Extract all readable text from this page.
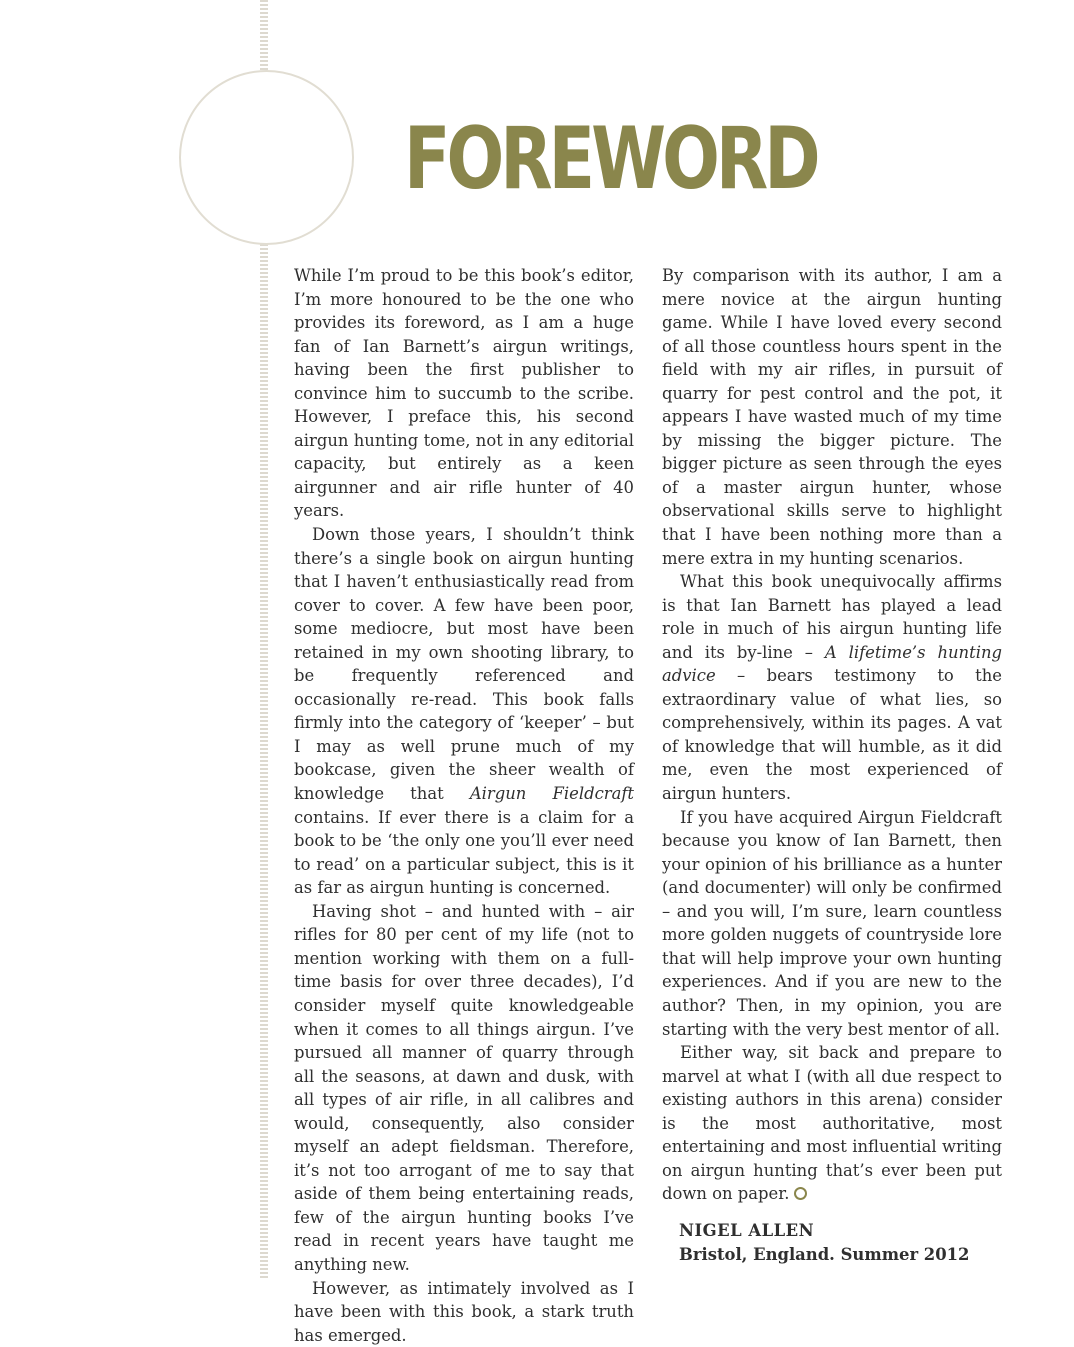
FOREWORD

While I’m proud to be this book’s editor, I’m more honoured to be the one who provides its foreword, as I am a huge fan of Ian Barnett’s airgun writings, having been the first publisher to convince him to succumb to the scribe. However, I preface this, his second airgun hunting tome, not in any editorial capacity, but entirely as a keen airgunner and air rifle hunter of 40 years.

Down those years, I shouldn’t think there’s a single book on airgun hunting that I haven’t enthusiastically read from cover to cover. A few have been poor, some mediocre, but most have been retained in my own shooting library, to be frequently referenced and occasionally re-read. This book falls firmly into the category of ‘keeper’ – but I may as well prune much of my bookcase, given the sheer wealth of knowledge that Airgun Fieldcraft contains. If ever there is a claim for a book to be ‘the only one you’ll ever need to read’ on a particular subject, this is it as far as airgun hunting is concerned.

Having shot – and hunted with – air rifles for 80 per cent of my life (not to mention working with them on a full-time basis for over three decades), I’d consider myself quite knowledgeable when it comes to all things airgun. I’ve pursued all manner of quarry through all the seasons, at dawn and dusk, with all types of air rifle, in all calibres and would, consequently, also consider myself an adept fieldsman. Therefore, it’s not too arrogant of me to say that aside of them being entertaining reads, few of the airgun hunting books I’ve read in recent years have taught me anything new.

However, as intimately involved as I have been with this book, a stark truth has emerged.

By comparison with its author, I am a mere novice at the airgun hunting game. While I have loved every second of all those countless hours spent in the field with my air rifles, in pursuit of quarry for pest control and the pot, it appears I have wasted much of my time by missing the bigger picture. The bigger picture as seen through the eyes of a master airgun hunter, whose observational skills serve to highlight that I have been nothing more than a mere extra in my hunting scenarios.

What this book unequivocally affirms is that Ian Barnett has played a lead role in much of his airgun hunting life and its by-line – A lifetime’s hunting advice – bears testimony to the extraordinary value of what lies, so comprehensively, within its pages. A vat of knowledge that will humble, as it did me, even the most experienced of airgun hunters.

If you have acquired Airgun Fieldcraft because you know of Ian Barnett, then your opinion of his brilliance as a hunter (and documenter) will only be confirmed – and you will, I’m sure, learn countless more golden nuggets of countryside lore that will help improve your own hunting experiences. And if you are new to the author? Then, in my opinion, you are starting with the very best mentor of all.

Either way, sit back and prepare to marvel at what I (with all due respect to existing authors in this arena) consider is the most authoritative, most entertaining and most influential writing on airgun hunting that’s ever been put down on paper.

NIGEL ALLEN
Bristol, England. Summer 2012
